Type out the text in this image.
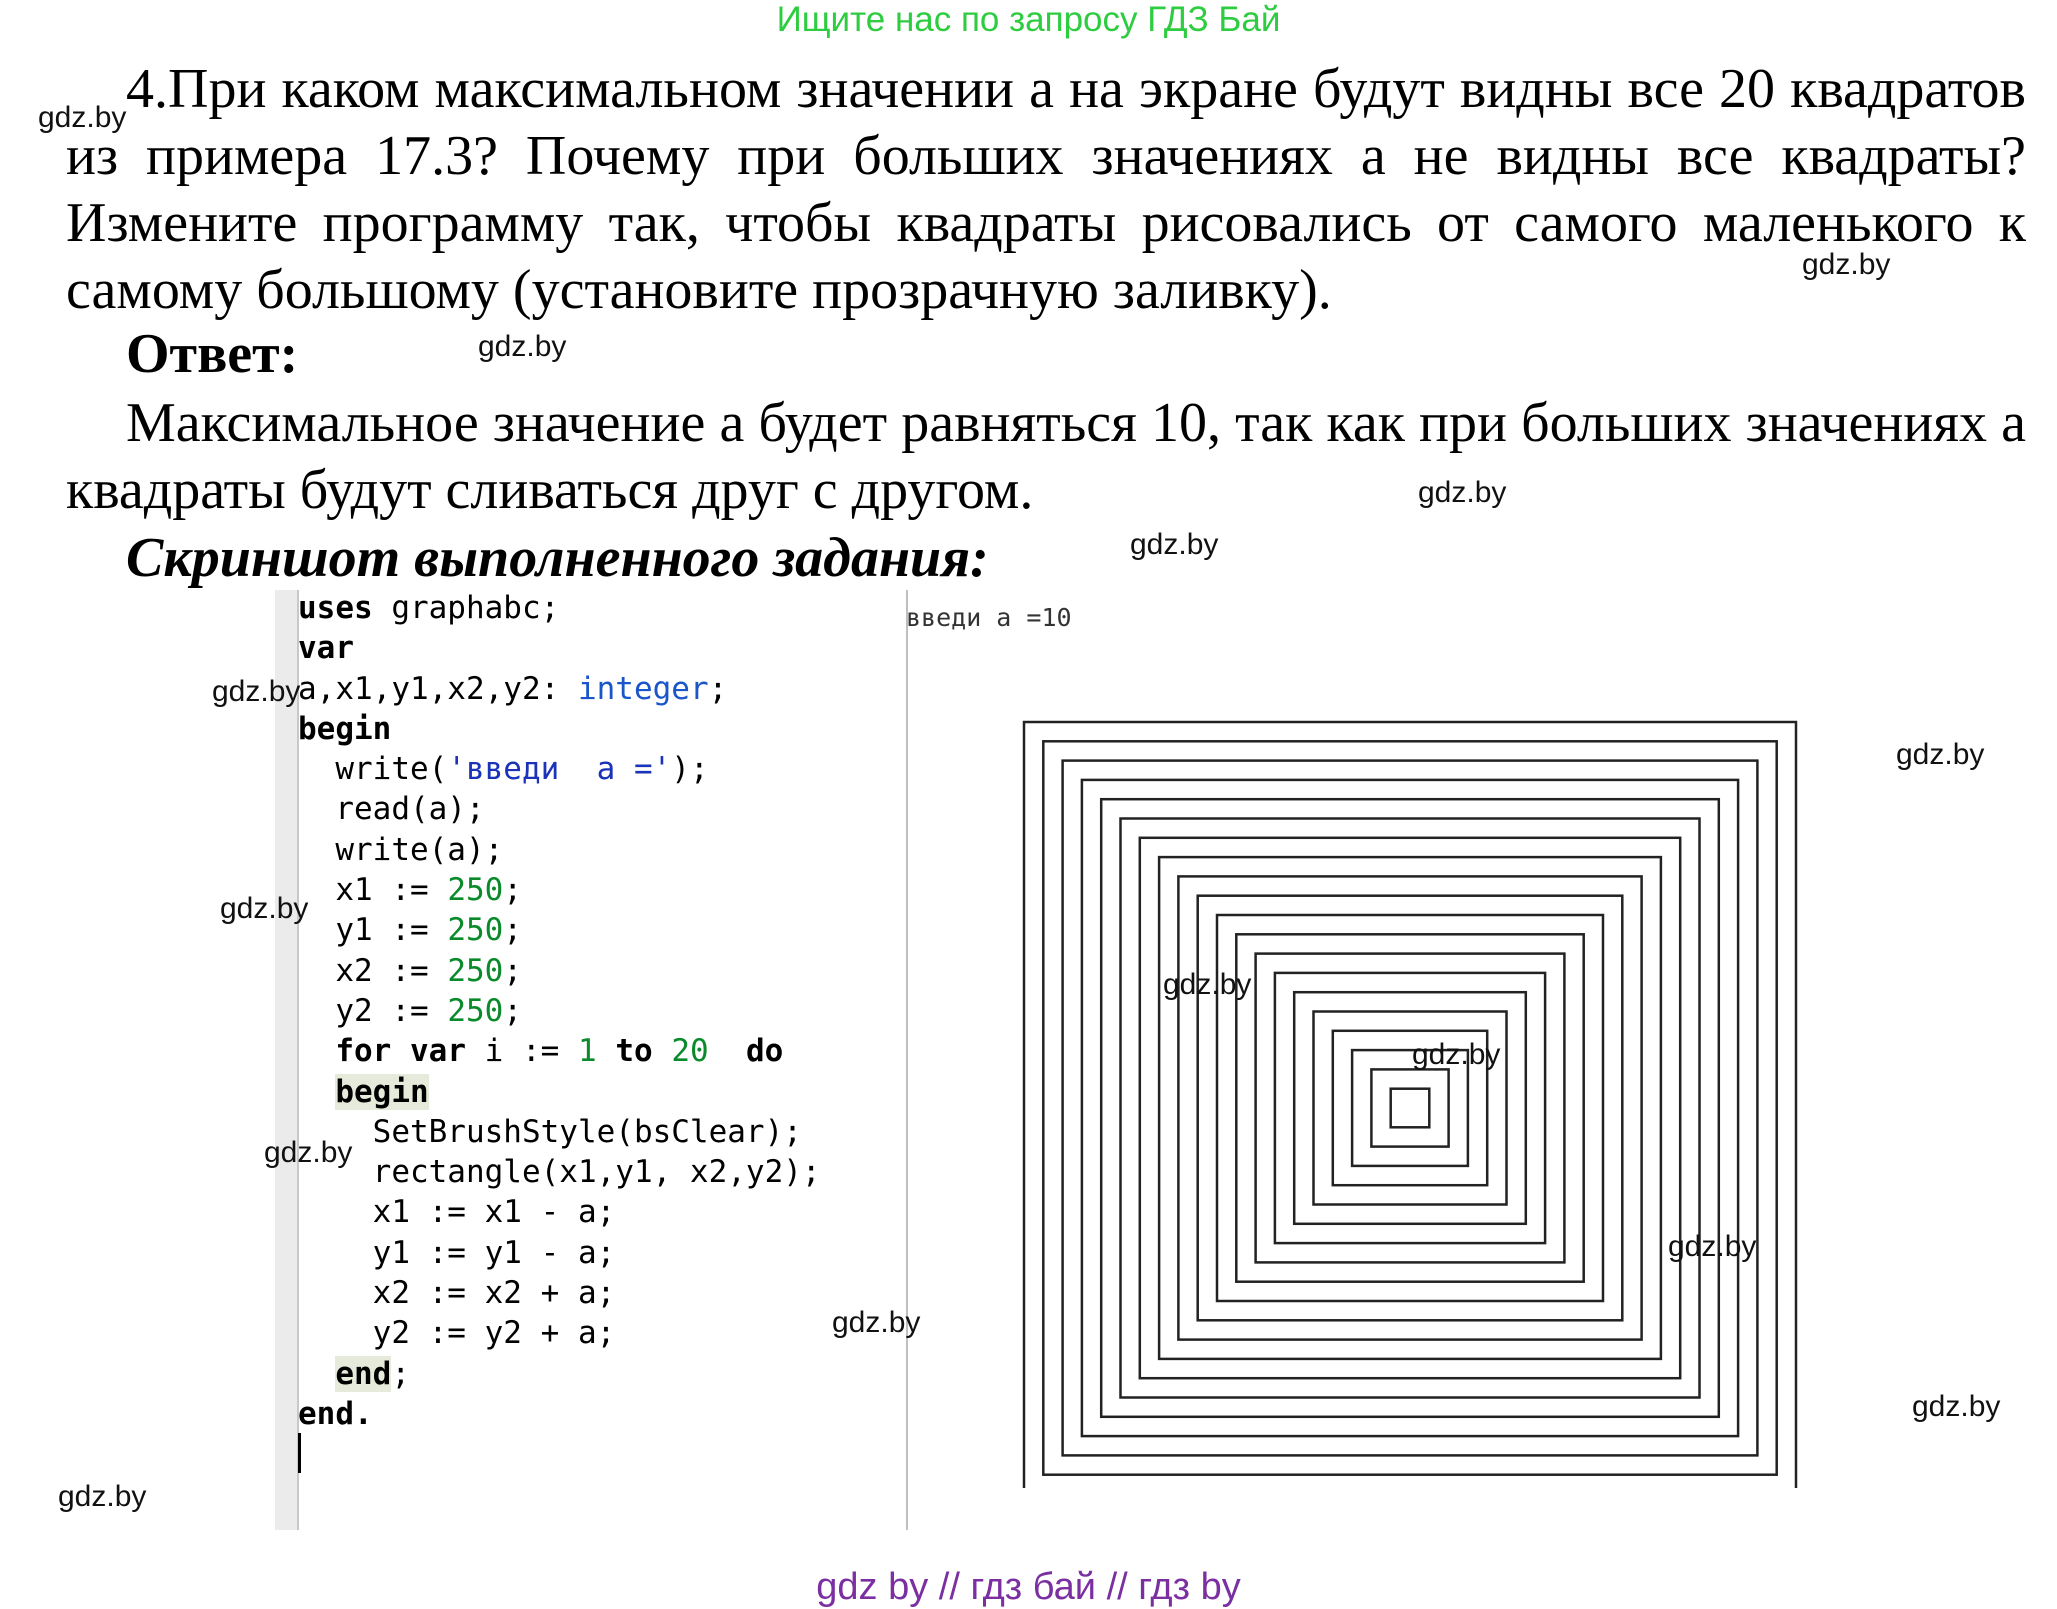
Ищите нас по запросу ГДЗ Бай
4.При каком максимальном значении a на экране будут видны все 20 квадратов из примера 17.3? Почему при больших значениях a не видны все квадраты? Измените программу так, чтобы квадраты рисовались от самого маленького к самому большому (установите прозрачную заливку).
Ответ:
Максимальное значение a будет равняться 10, так как при больших значениях a квадраты будут сливаться друг с другом.
Скриншот выполненного задания:
uses graphabc;
var
a,x1,y1,x2,y2: integer;
begin
write('введи  a =');
read(a);
write(a);
x1 := 250;
y1 := 250;
x2 := 250;
y2 := 250;
for var i := 1 to 20 do
begin
SetBrushStyle(bsClear);
rectangle(x1,y1, x2,y2);
x1 := x1 - a;
y1 := y1 - a;
x2 := x2 + a;
y2 := y2 + a;
end;
end.
введи a =10
gdz.by
gdz.by
gdz.by
gdz.by
gdz.by
gdz.by
gdz.by
gdz.by
gdz.by
gdz.by
gdz.by
gdz.by
gdz.by
gdz.by
gdz.by
gdz by // гдз бай // гдз by
